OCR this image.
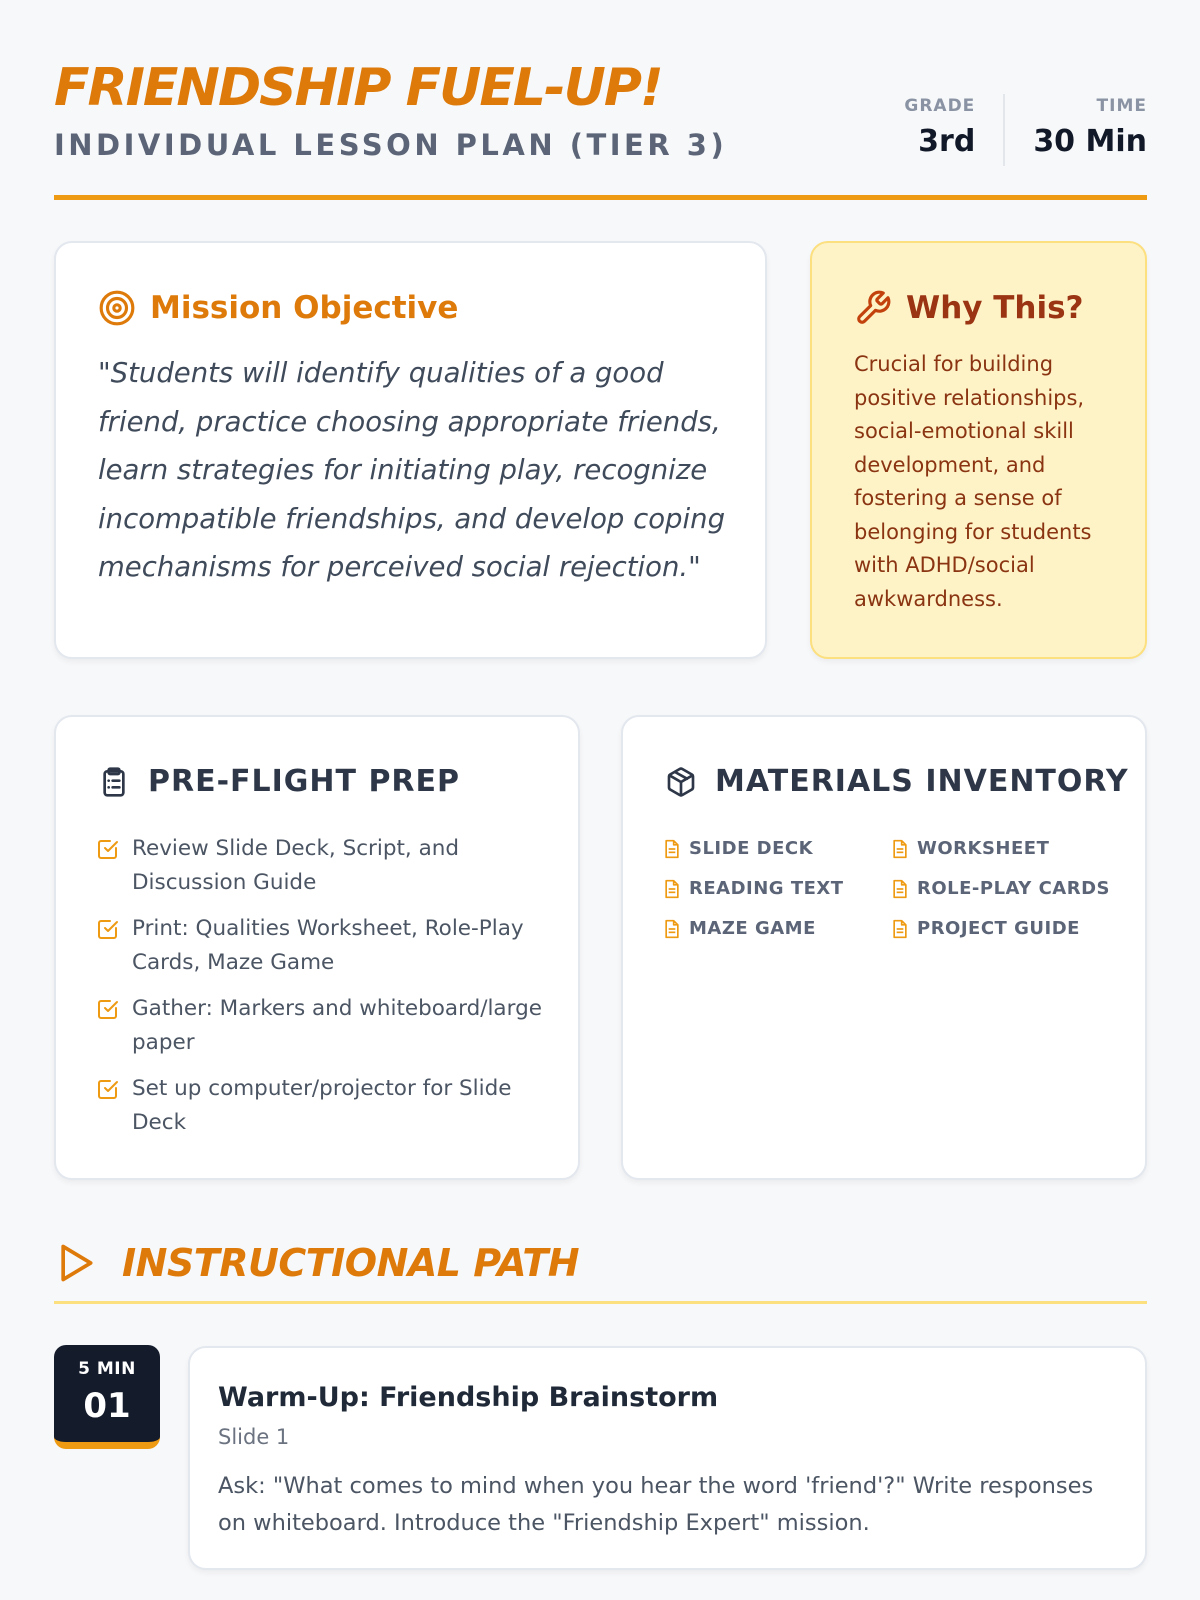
FRIENDSHIP FUEL-UP!
INDIVIDUAL LESSON PLAN (TIER 3)
GRADE
3rd
TIME
30 Min
Mission Objective
"Students will identify qualities of a good friend, practice choosing appropriate friends, learn strategies for initiating play, recognize incompatible friendships, and develop coping mechanisms for perceived social rejection."
Why This?
Crucial for building positive relationships, social-emotional skill development, and fostering a sense of belonging for students with ADHD/social awkwardness.
PRE-FLIGHT PREP
Review Slide Deck, Script, and Discussion Guide
Print: Qualities Worksheet, Role-Play Cards, Maze Game
Gather: Markers and whiteboard/large paper
Set up computer/projector for Slide Deck
MATERIALS INVENTORY
SLIDE DECK	WORKSHEET
READING TEXT	ROLE-PLAY CARDS
MAZE GAME	PROJECT GUIDE
INSTRUCTIONAL PATH
5 MIN
01	Warm-Up: Friendship Brainstorm
Slide 1
Ask: "What comes to mind when you hear the word 'friend'?" Write responses on whiteboard. Introduce the "Friendship Expert" mission.
